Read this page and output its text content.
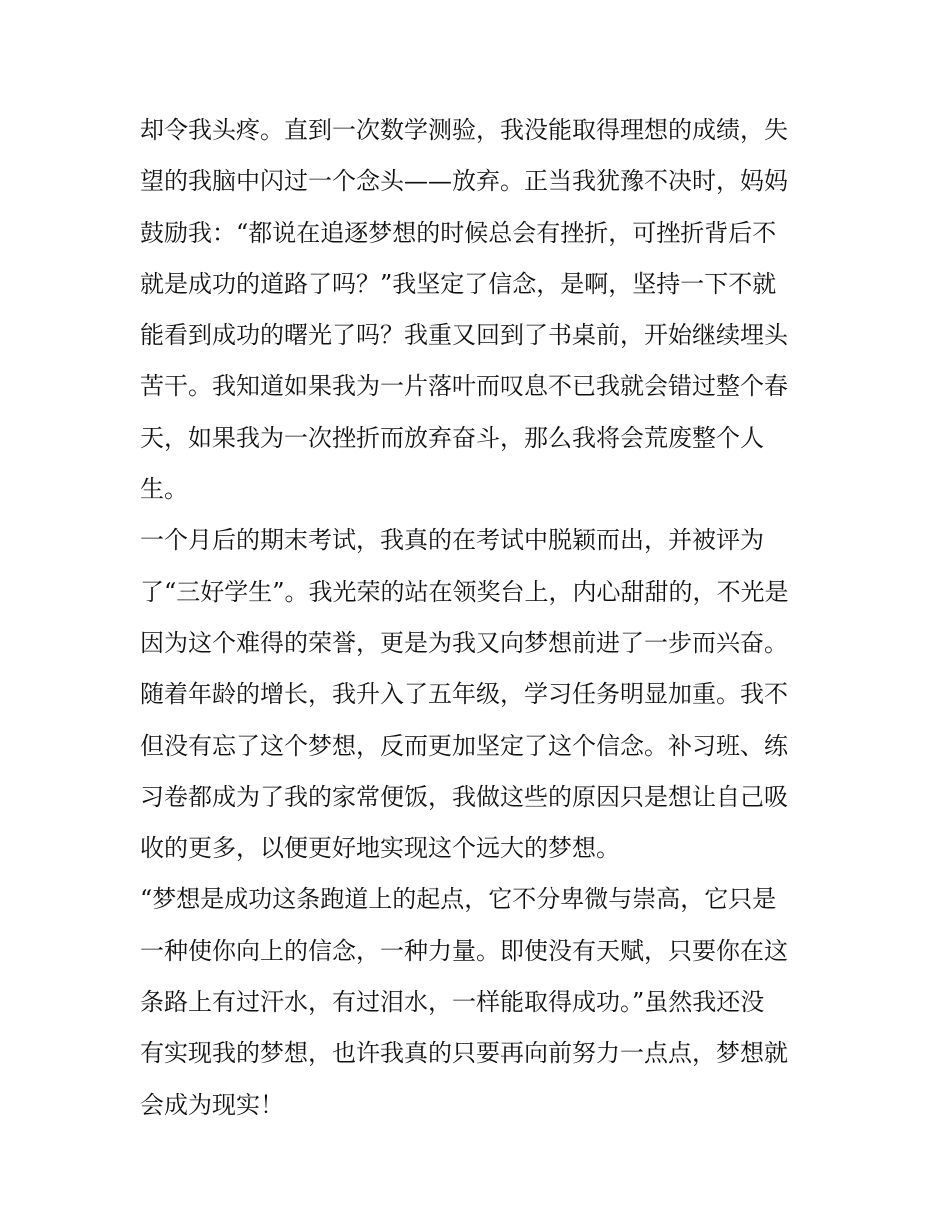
却令我头疼。直到一次数学测验，我没能取得理想的成绩，失
望的我脑中闪过一个念头——放弃。正当我犹豫不决时，妈妈
鼓励我：“都说在追逐梦想的时候总会有挫折，可挫折背后不
就是成功的道路了吗？”我坚定了信念，是啊，坚持一下不就
能看到成功的曙光了吗？我重又回到了书桌前，开始继续埋头
苦干。我知道如果我为一片落叶而叹息不已我就会错过整个春
天，如果我为一次挫折而放弃奋斗，那么我将会荒废整个人
生。
一个月后的期末考试，我真的在考试中脱颖而出，并被评为
了“三好学生”。我光荣的站在领奖台上，内心甜甜的，不光是
因为这个难得的荣誉，更是为我又向梦想前进了一步而兴奋。
随着年龄的增长，我升入了五年级，学习任务明显加重。我不
但没有忘了这个梦想，反而更加坚定了这个信念。补习班、练
习卷都成为了我的家常便饭，我做这些的原因只是想让自己吸
收的更多，以便更好地实现这个远大的梦想。
“梦想是成功这条跑道上的起点，它不分卑微与崇高，它只是
一种使你向上的信念，一种力量。即使没有天赋，只要你在这
条路上有过汗水，有过泪水，一样能取得成功。”虽然我还没
有实现我的梦想，也许我真的只要再向前努力一点点，梦想就
会成为现实！
